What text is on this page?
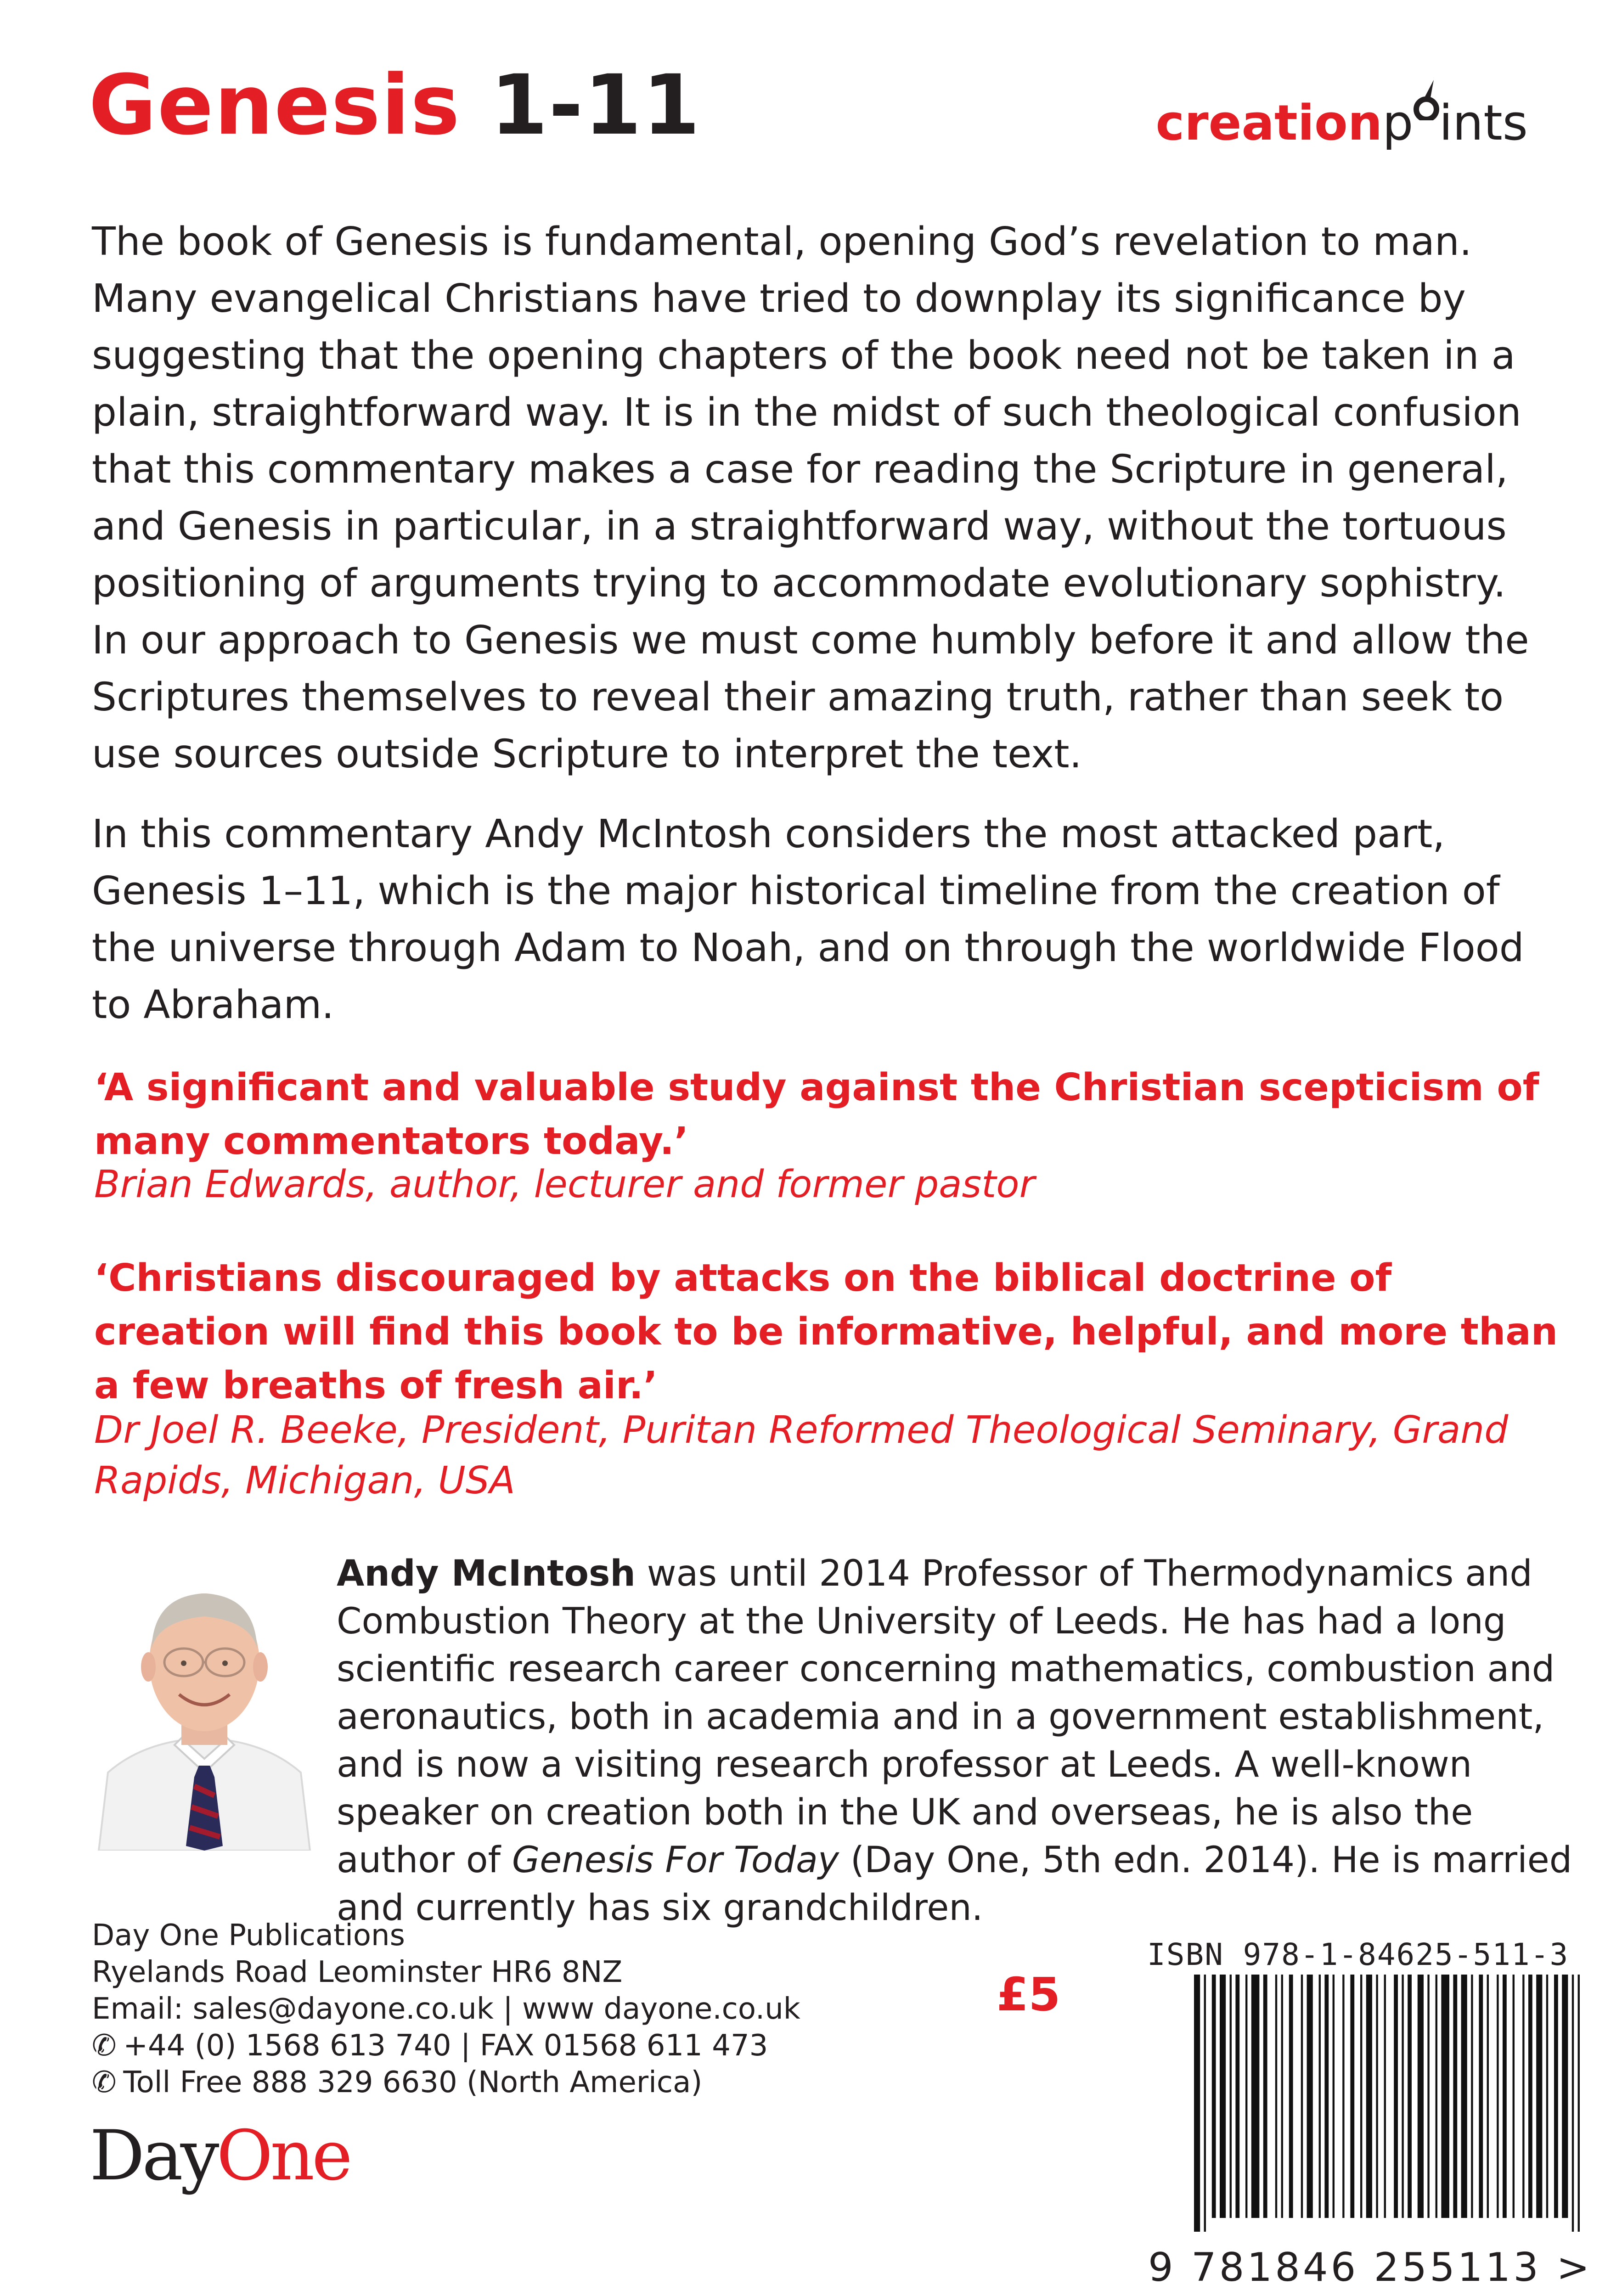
Genesis 1-11	creationp ints
The book of Genesis is fundamental, opening God’s revelation to man. Many evangelical Christians have tried to downplay its significance by suggesting that the opening chapters of the book need not be taken in a plain, straightforward way. It is in the midst of such theological confusion that this commentary makes a case for reading the Scripture in general, and Genesis in particular, in a straightforward way, without the tortuous positioning of arguments trying to accommodate evolutionary sophistry. In our approach to Genesis we must come humbly before it and allow the Scriptures themselves to reveal their amazing truth, rather than seek to use sources outside Scripture to interpret the text.
In this commentary Andy McIntosh considers the most attacked part, Genesis 1–11, which is the major historical timeline from the creation of the universe through Adam to Noah, and on through the worldwide Flood to Abraham.
‘A significant and valuable study against the Christian scepticism of many commentators today.’
Brian Edwards, author, lecturer and former pastor
‘Christians discouraged by attacks on the biblical doctrine of creation will find this book to be informative, helpful, and more than a few breaths of fresh air.’
Dr Joel R. Beeke, President, Puritan Reformed Theological Seminary, Grand Rapids, Michigan, USA
Andy McIntosh was until 2014 Professor of Thermodynamics and Combustion Theory at the University of Leeds. He has had a long scientific research career concerning mathematics, combustion and aeronautics, both in academia and in a government establishment, and is now a visiting research professor at Leeds. A well-known speaker on creation both in the UK and overseas, he is also the author of Genesis For Today (Day One, 5th edn. 2014). He is married and currently has six grandchildren.
Day One Publications
Ryelands Road Leominster HR6 8NZ
Email: sales@dayone.co.uk | www dayone.co.uk
✆ +44 (0) 1568 613 740 | FAX 01568 611 473
✆ Toll Free 888 329 6630 (North America)
DayOne
£5
ISBN 978-1-84625-511-3
9 781846 255113 >
